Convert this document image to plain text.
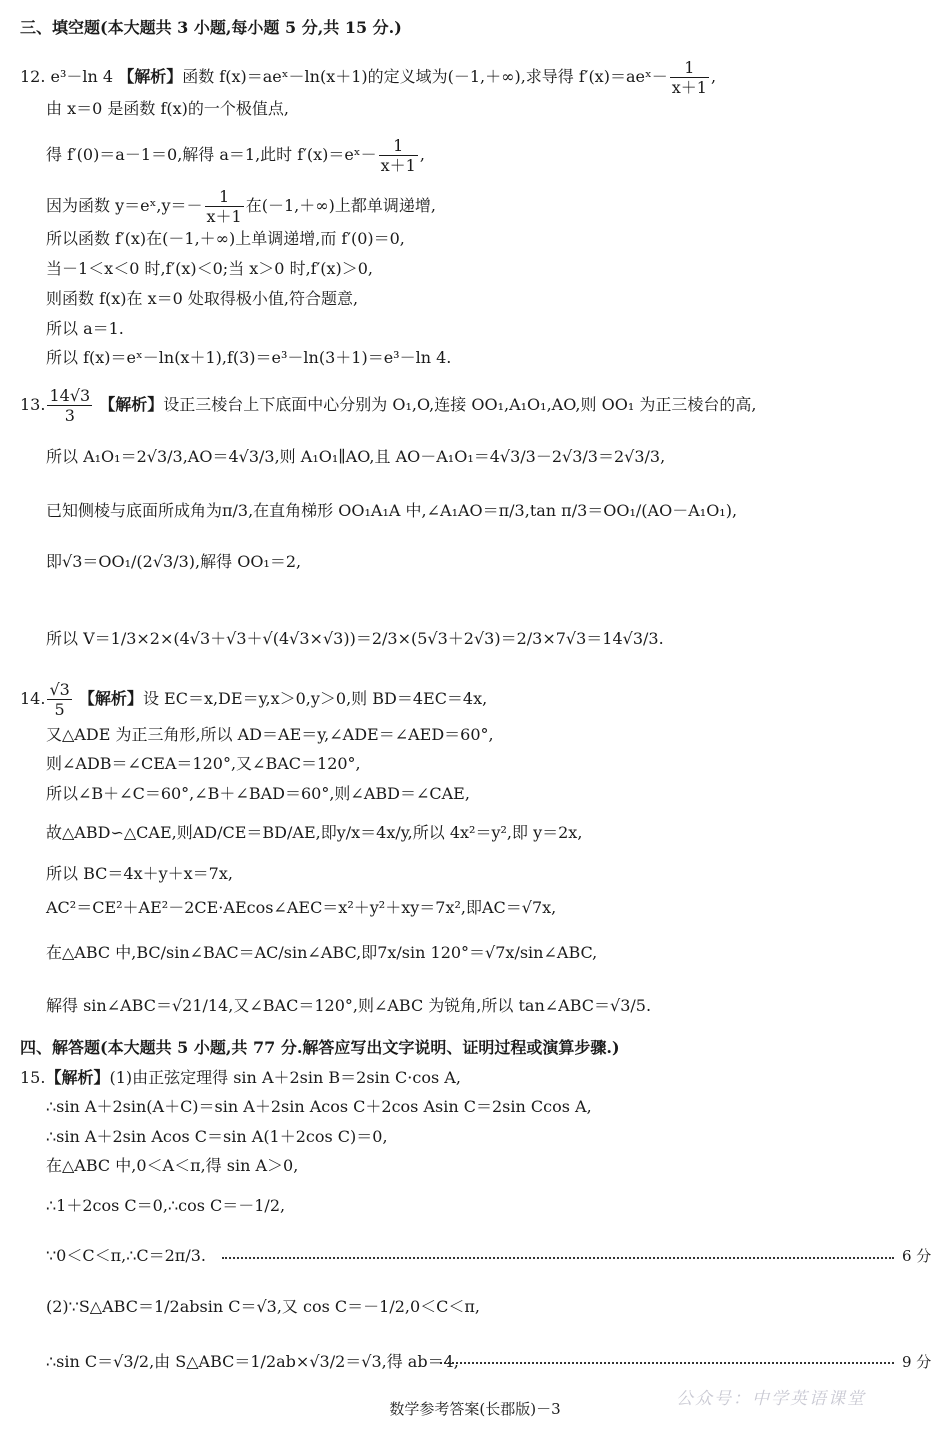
三、填空题(本大题共 3 小题,每小题 5 分,共 15 分.)
12. e³－ln 4 【解析】函数 f(x)＝aeˣ－ln(x＋1)的定义域为(－1,＋∞),求导得 f′(x)＝aeˣ－ $\frac{1}{x+1}$ ,
由 x＝0 是函数 f(x)的一个极值点,
得 f′(0)＝a－1＝0,解得 a＝1,此时 f′(x)＝eˣ－ $\frac{1}{x+1}$ ,
因为函数 y＝eˣ,y＝－ $\frac{1}{x+1}$ 在(－1,＋∞)上都单调递增,
所以函数 f′(x)在(－1,＋∞)上单调递增,而 f′(0)＝0,
当－1＜x＜0 时,f′(x)＜0;当 x＞0 时,f′(x)＞0,
则函数 f(x)在 x＝0 处取得极小值,符合题意,
所以 a＝1.
所以 f(x)＝eˣ－ln(x＋1),f(3)＝e³－ln(3＋1)＝e³－ln 4.
13. $\frac{14√3}{3}$ 【解析】设正三棱台上下底面中心分别为 O₁,O,连接 OO₁,A₁O₁,AO,则 OO₁ 为正三棱台的高,
所以 A₁O₁＝2√3/3,AO＝4√3/3,则 A₁O₁∥AO,且 AO－A₁O₁＝4√3/3－2√3/3＝2√3/3,
已知侧棱与底面所成角为π/3,在直角梯形 OO₁A₁A 中,∠A₁AO＝π/3,tan π/3＝OO₁/(AO－A₁O₁),
即√3＝OO₁/(2√3/3),解得 OO₁＝2,
所以 V＝1/3×2×(4√3＋√3＋√(4√3×√3))＝2/3×(5√3＋2√3)＝2/3×7√3＝14√3/3.
14. $\frac{√3}{5}$ 【解析】设 EC＝x,DE＝y,x＞0,y＞0,则 BD＝4EC＝4x,
又△ADE 为正三角形,所以 AD＝AE＝y,∠ADE＝∠AED＝60°,
则∠ADB＝∠CEA＝120°,又∠BAC＝120°,
所以∠B＋∠C＝60°,∠B＋∠BAD＝60°,则∠ABD＝∠CAE,
故△ABD∽△CAE,则AD/CE＝BD/AE,即y/x＝4x/y,所以 4x²＝y²,即 y＝2x,
所以 BC＝4x＋y＋x＝7x,
AC²＝CE²＋AE²－2CE·AEcos∠AEC＝x²＋y²＋xy＝7x²,即AC＝√7x,
在△ABC 中,BC/sin∠BAC＝AC/sin∠ABC,即7x/sin 120°＝√7x/sin∠ABC,
解得 sin∠ABC＝√21/14,又∠BAC＝120°,则∠ABC 为锐角,所以 tan∠ABC＝√3/5.
四、解答题(本大题共 5 小题,共 77 分.解答应写出文字说明、证明过程或演算步骤.)
15.【解析】(1)由正弦定理得 sin A＋2sin B＝2sin C·cos A,
∴sin A＋2sin(A＋C)＝sin A＋2sin Acos C＋2cos Asin C＝2sin Ccos A,
∴sin A＋2sin Acos C＝sin A(1＋2cos C)＝0,
在△ABC 中,0＜A＜π,得 sin A＞0,
∴1＋2cos C＝0,∴cos C＝－1/2,
∵0＜C＜π,∴C＝2π/3.	6 分
(2)∵S△ABC＝1/2absin C＝√3,又 cos C＝－1/2,0＜C＜π,
∴sin C＝√3/2,由 S△ABC＝1/2ab×√3/2＝√3,得 ab＝4,	9 分
公众号：中学英语课堂
数学参考答案(长郡版)－3
